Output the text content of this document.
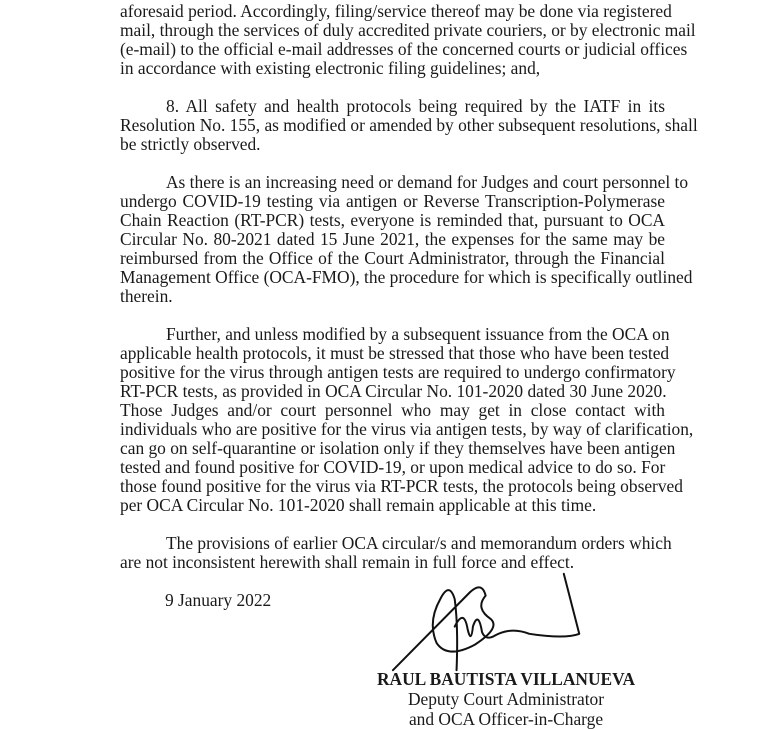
aforesaid period. Accordingly, filing/service thereof may be done via registered
mail, through the services of duly accredited private couriers, or by electronic mail
(e-mail) to the official e-mail addresses of the concerned courts or judicial offices
in accordance with existing electronic filing guidelines; and,
8. All safety and health protocols being required by the IATF in its
Resolution No. 155, as modified or amended by other subsequent resolutions, shall
be strictly observed.
As there is an increasing need or demand for Judges and court personnel to
undergo COVID-19 testing via antigen or Reverse Transcription-Polymerase
Chain Reaction (RT-PCR) tests, everyone is reminded that, pursuant to OCA
Circular No. 80-2021 dated 15 June 2021, the expenses for the same may be
reimbursed from the Office of the Court Administrator, through the Financial
Management Office (OCA-FMO), the procedure for which is specifically outlined
therein.
Further, and unless modified by a subsequent issuance from the OCA on
applicable health protocols, it must be stressed that those who have been tested
positive for the virus through antigen tests are required to undergo confirmatory
RT-PCR tests, as provided in OCA Circular No. 101-2020 dated 30 June 2020.
Those Judges and/or court personnel who may get in close contact with
individuals who are positive for the virus via antigen tests, by way of clarification,
can go on self-quarantine or isolation only if they themselves have been antigen
tested and found positive for COVID-19, or upon medical advice to do so. For
those found positive for the virus via RT-PCR tests, the protocols being observed
per OCA Circular No. 101-2020 shall remain applicable at this time.
The provisions of earlier OCA circular/s and memorandum orders which
are not inconsistent herewith shall remain in full force and effect.
9 January 2022
RAUL BAUTISTA VILLANUEVA
Deputy Court Administrator
and OCA Officer-in-Charge
